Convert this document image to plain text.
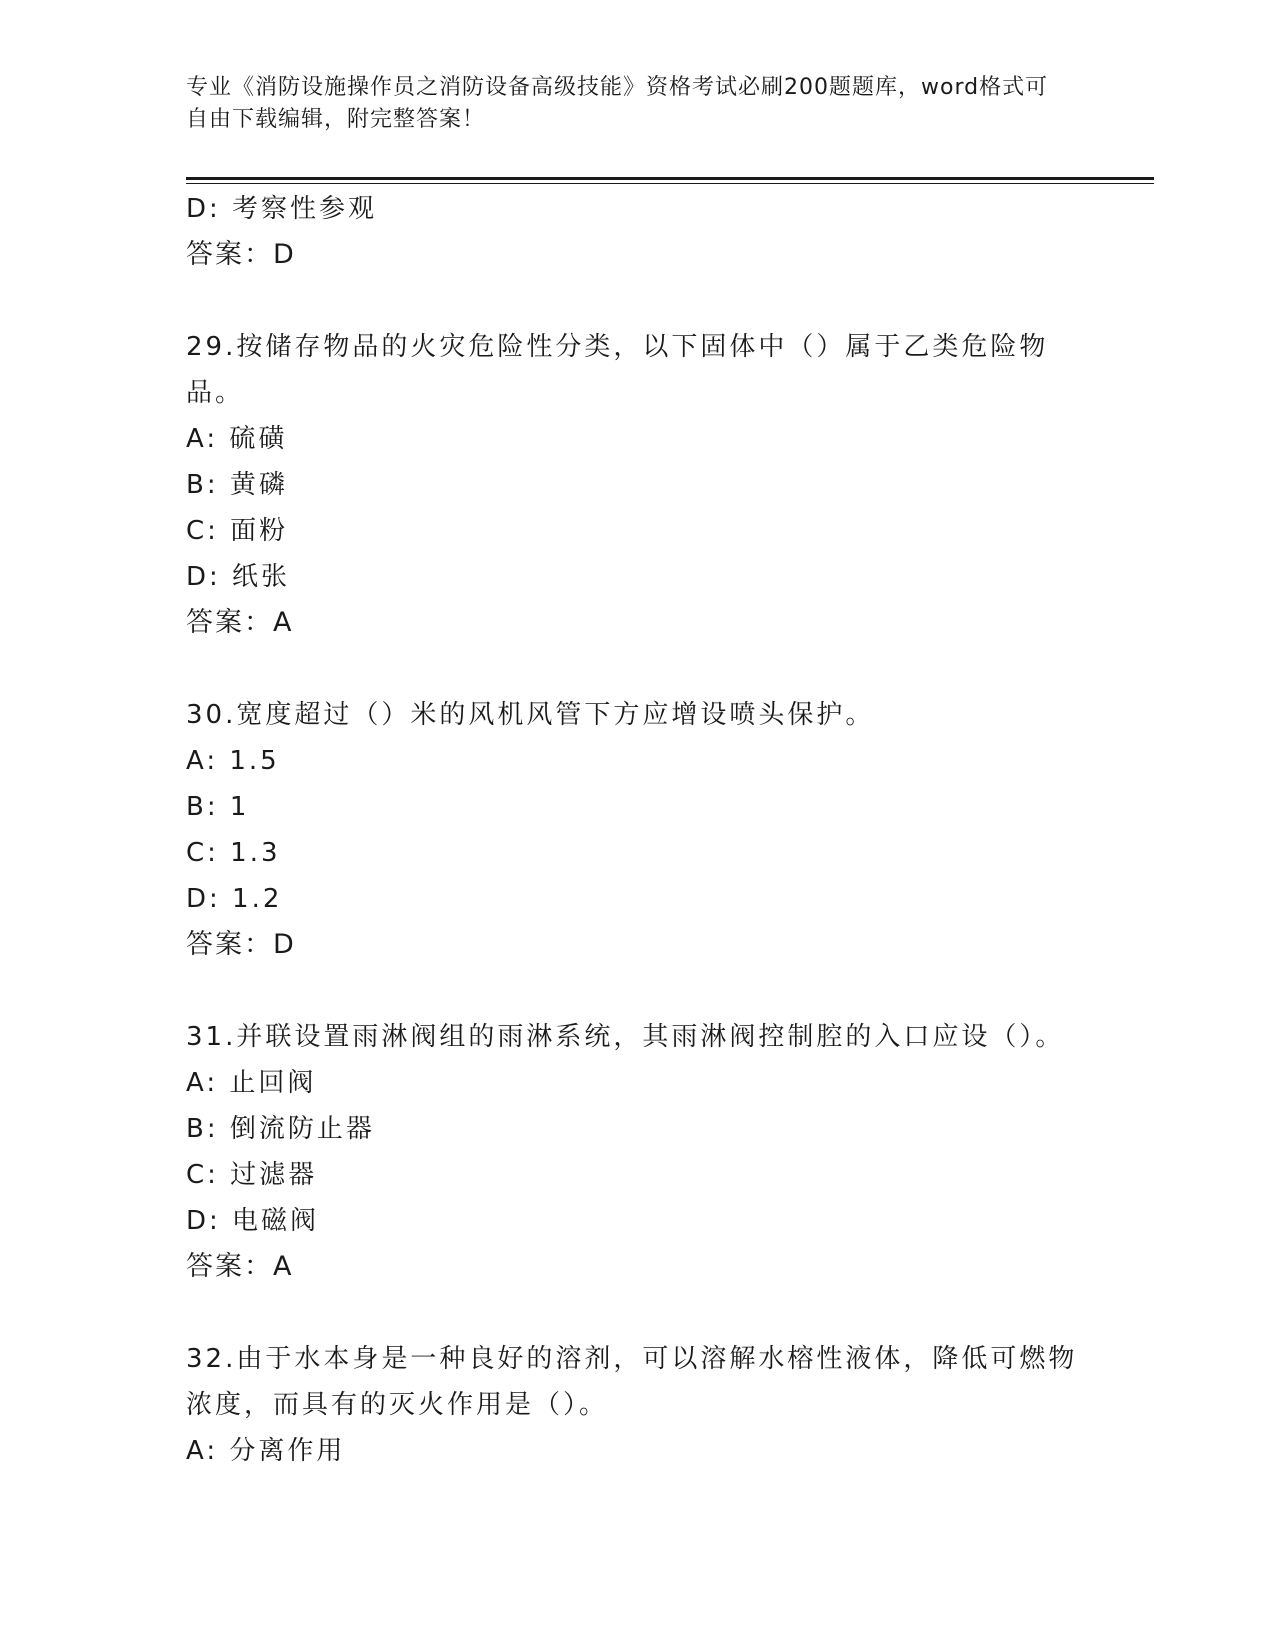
专业《消防设施操作员之消防设备高级技能》资格考试必刷200题题库，word格式可自由下载编辑，附完整答案！
D: 考察性参观
答案：D
29.按储存物品的火灾危险性分类，以下固体中（）属于乙类危险物品。
A: 硫磺
B: 黄磷
C: 面粉
D: 纸张
答案：A
30.宽度超过（）米的风机风管下方应增设喷头保护。
A: 1.5
B: 1
C: 1.3
D: 1.2
答案：D
31.并联设置雨淋阀组的雨淋系统，其雨淋阀控制腔的入口应设（）。
A: 止回阀
B: 倒流防止器
C: 过滤器
D: 电磁阀
答案：A
32.由于水本身是一种良好的溶剂，可以溶解水榕性液体，降低可燃物浓度，而具有的灭火作用是（）。
A: 分离作用
